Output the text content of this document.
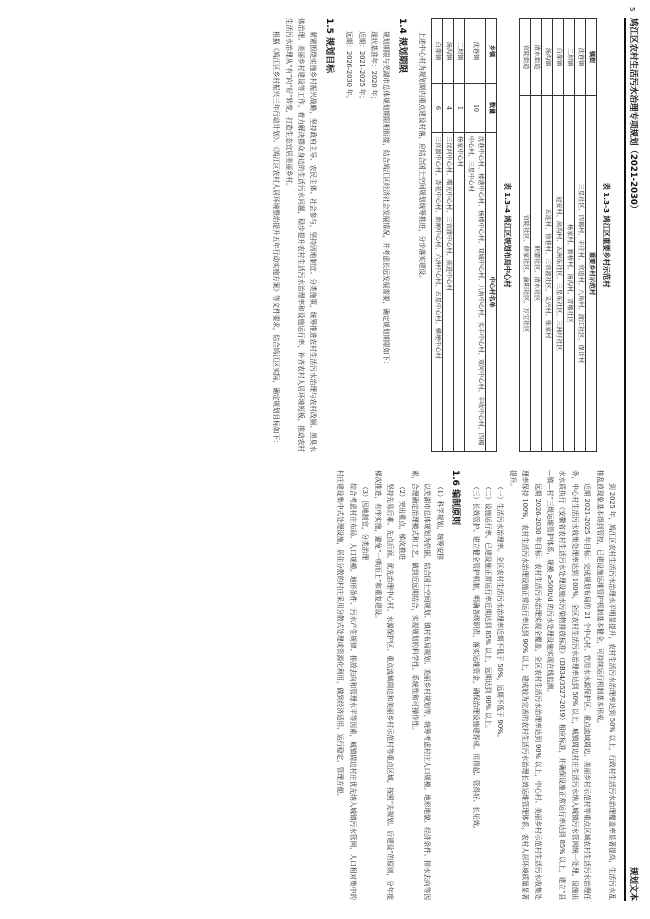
5
鸠江区农村生活污水治理专项规划（2021-2030）
规划文本
表 1.3-3 鸠江区重要乡村示范村
镇街	重要乡村示范村
沈巷镇	三星社区、四褐村、丰庄村、官道村、八角村、渡江社区、保计村
二坝镇	杨家村、新桥村、汤沟村、青墩社区
白茆镇	冠安村、高沟村、五洲东社区、三星东社区、三洲圩社区
汤沟镇	五连村、徐巷村、三官渡社区、义兴村、张家村
清水街道	联盟社区、清水社区
官陡街道	官陡社区、薛家社区、渝阳社区、万宝社区
表 1.3-4 鸠江区规划布局中心村
乡镇	数量	中心村名单
沈巷镇	10	沈巷中心村、楼港中心村、杨楼中心村、双城中心村、八角中心村、实丰中心村、双河中心村、丰收中心村、四褐中心村、三星中心村
二坝镇	1	杨家中心村
汤沟镇	4	三汊河中心村、曙光中心村、三官渡中心村、前进中心村
白茆镇	6	三官渡中心村、杏花中心村、新闸中心村、六洲中心村、五星中心村、横埂中心村

上述中心村为规划期内重点建设村落，应结合国土空间规划统筹推进，分步落实建设。

1.4 规划期限

规划期限与芜湖市总体规划期限相衔接，结合鸠江区经济社会发展情况，并考虑长远发展需要，确定规划期限如下：

现状基准年：2020 年；

近期：2021-2025 年；

远期：2026-2030 年。

1.5 规划目标

紧紧围绕实施乡村振兴战略，坚持政府主导、农民主体、社会参与，坚持因地制宜、分类施策，统筹推进农村生活污水治理与农村改厕、黑臭水体治理、美丽乡村建设等工作，着力解决群众身边的生活污水问题，稳步提升农村生活污水治理率和设施运行率，补齐农村人居环境短板，推动农村生活污水治理从“有”向“好”转变，打造生态宜居美丽乡村。

根据《鸠江区乡村振兴三年行动计划》、《鸠江区农村人居环境整治提升五年行动实施方案》等文件要求，结合鸠江区实际，确定规划目标如下：

到 2025 年，鸠江区农村生活污水治理水平明显提升，农村生活污水治理率达到 50% 以上，行政村生活污水治理覆盖率显著提高，生活污水乱排乱放现象基本得到管控，已建设施运维管护机制基本健全，可持续运行机制基本形成。

近期 2021-2025 年目标：完成规划布局的 21 个中心村、饮用水水源保护区、重点流域周边、美丽乡村示范村等重点区域农村生活污水治理任务，中心村生活污水收集处理率达到 100%，全区农村生活污水治理率达到 50% 以上，城镇周边村庄生活污水纳入城镇污水管网统一处理。设施出水水质执行《安徽省农村生活污水处理设施水污染物排放标准》（DB34/3527-2019）相应标准，并确保设施正常运行率达到 85% 以上，建立“县—镇—村”三级运维管护体系，规模 ≥500t/d 的污水处理设施实现在线监测。

远期 2026-2030 年目标：农村生活污水治理实现全覆盖，全区农村生活污水治理率达到 90% 以上，中心村、美丽乡村示范村生活污水收集处理率保持 100%，农村生活污水治理设施正常运行率达到 90% 以上，建成较为完善的农村生活污水治理长效运维管理体系，农村人居环境质量显著提升。

（一）生活污水治理率。全区农村生活污水治理率近期不低于 50%，远期不低于 90%。

（二）设施运行率。已建设施正常运行率近期达到 85% 以上，远期达到 90% 以上。

（三）长效管护。建立健全管护机制，明确各级职责，落实运维资金，确保治理设施建得成、用得起、管得好、长见效。

1.6 编制原则

（1）科学规划，统筹安排

以芜湖市总体规划为依据，结合国土空间规划、镇村布局规划、美丽乡村规划等，统筹考虑村庄人口规模、地形地貌、经济条件、排水去向等因素，合理确定治理模式和工艺，做到近远期结合，实现规划的科学性、系统性和可操作性。

（2）突出重点，梯次推进

坚持先易后难、先点后面，优先治理中心村、水源保护区、重点流域周边和美丽乡村示范村等重点区域，按照“先规划、后建设”的原则，分年度梯次推进，有序实施，避免“一哄而上”和重复建设。

（3）因地制宜，分类治理

综合考虑村庄布局、人口规模、地形条件、污水产生规律、排放去向和管理水平等因素，城镇周边村庄优先纳入城镇污水管网，人口相对集中的村庄建设集中式处理设施，居住分散的村庄采用分散式处理或资源化利用，做到经济适用、运行稳定、管理方便。
